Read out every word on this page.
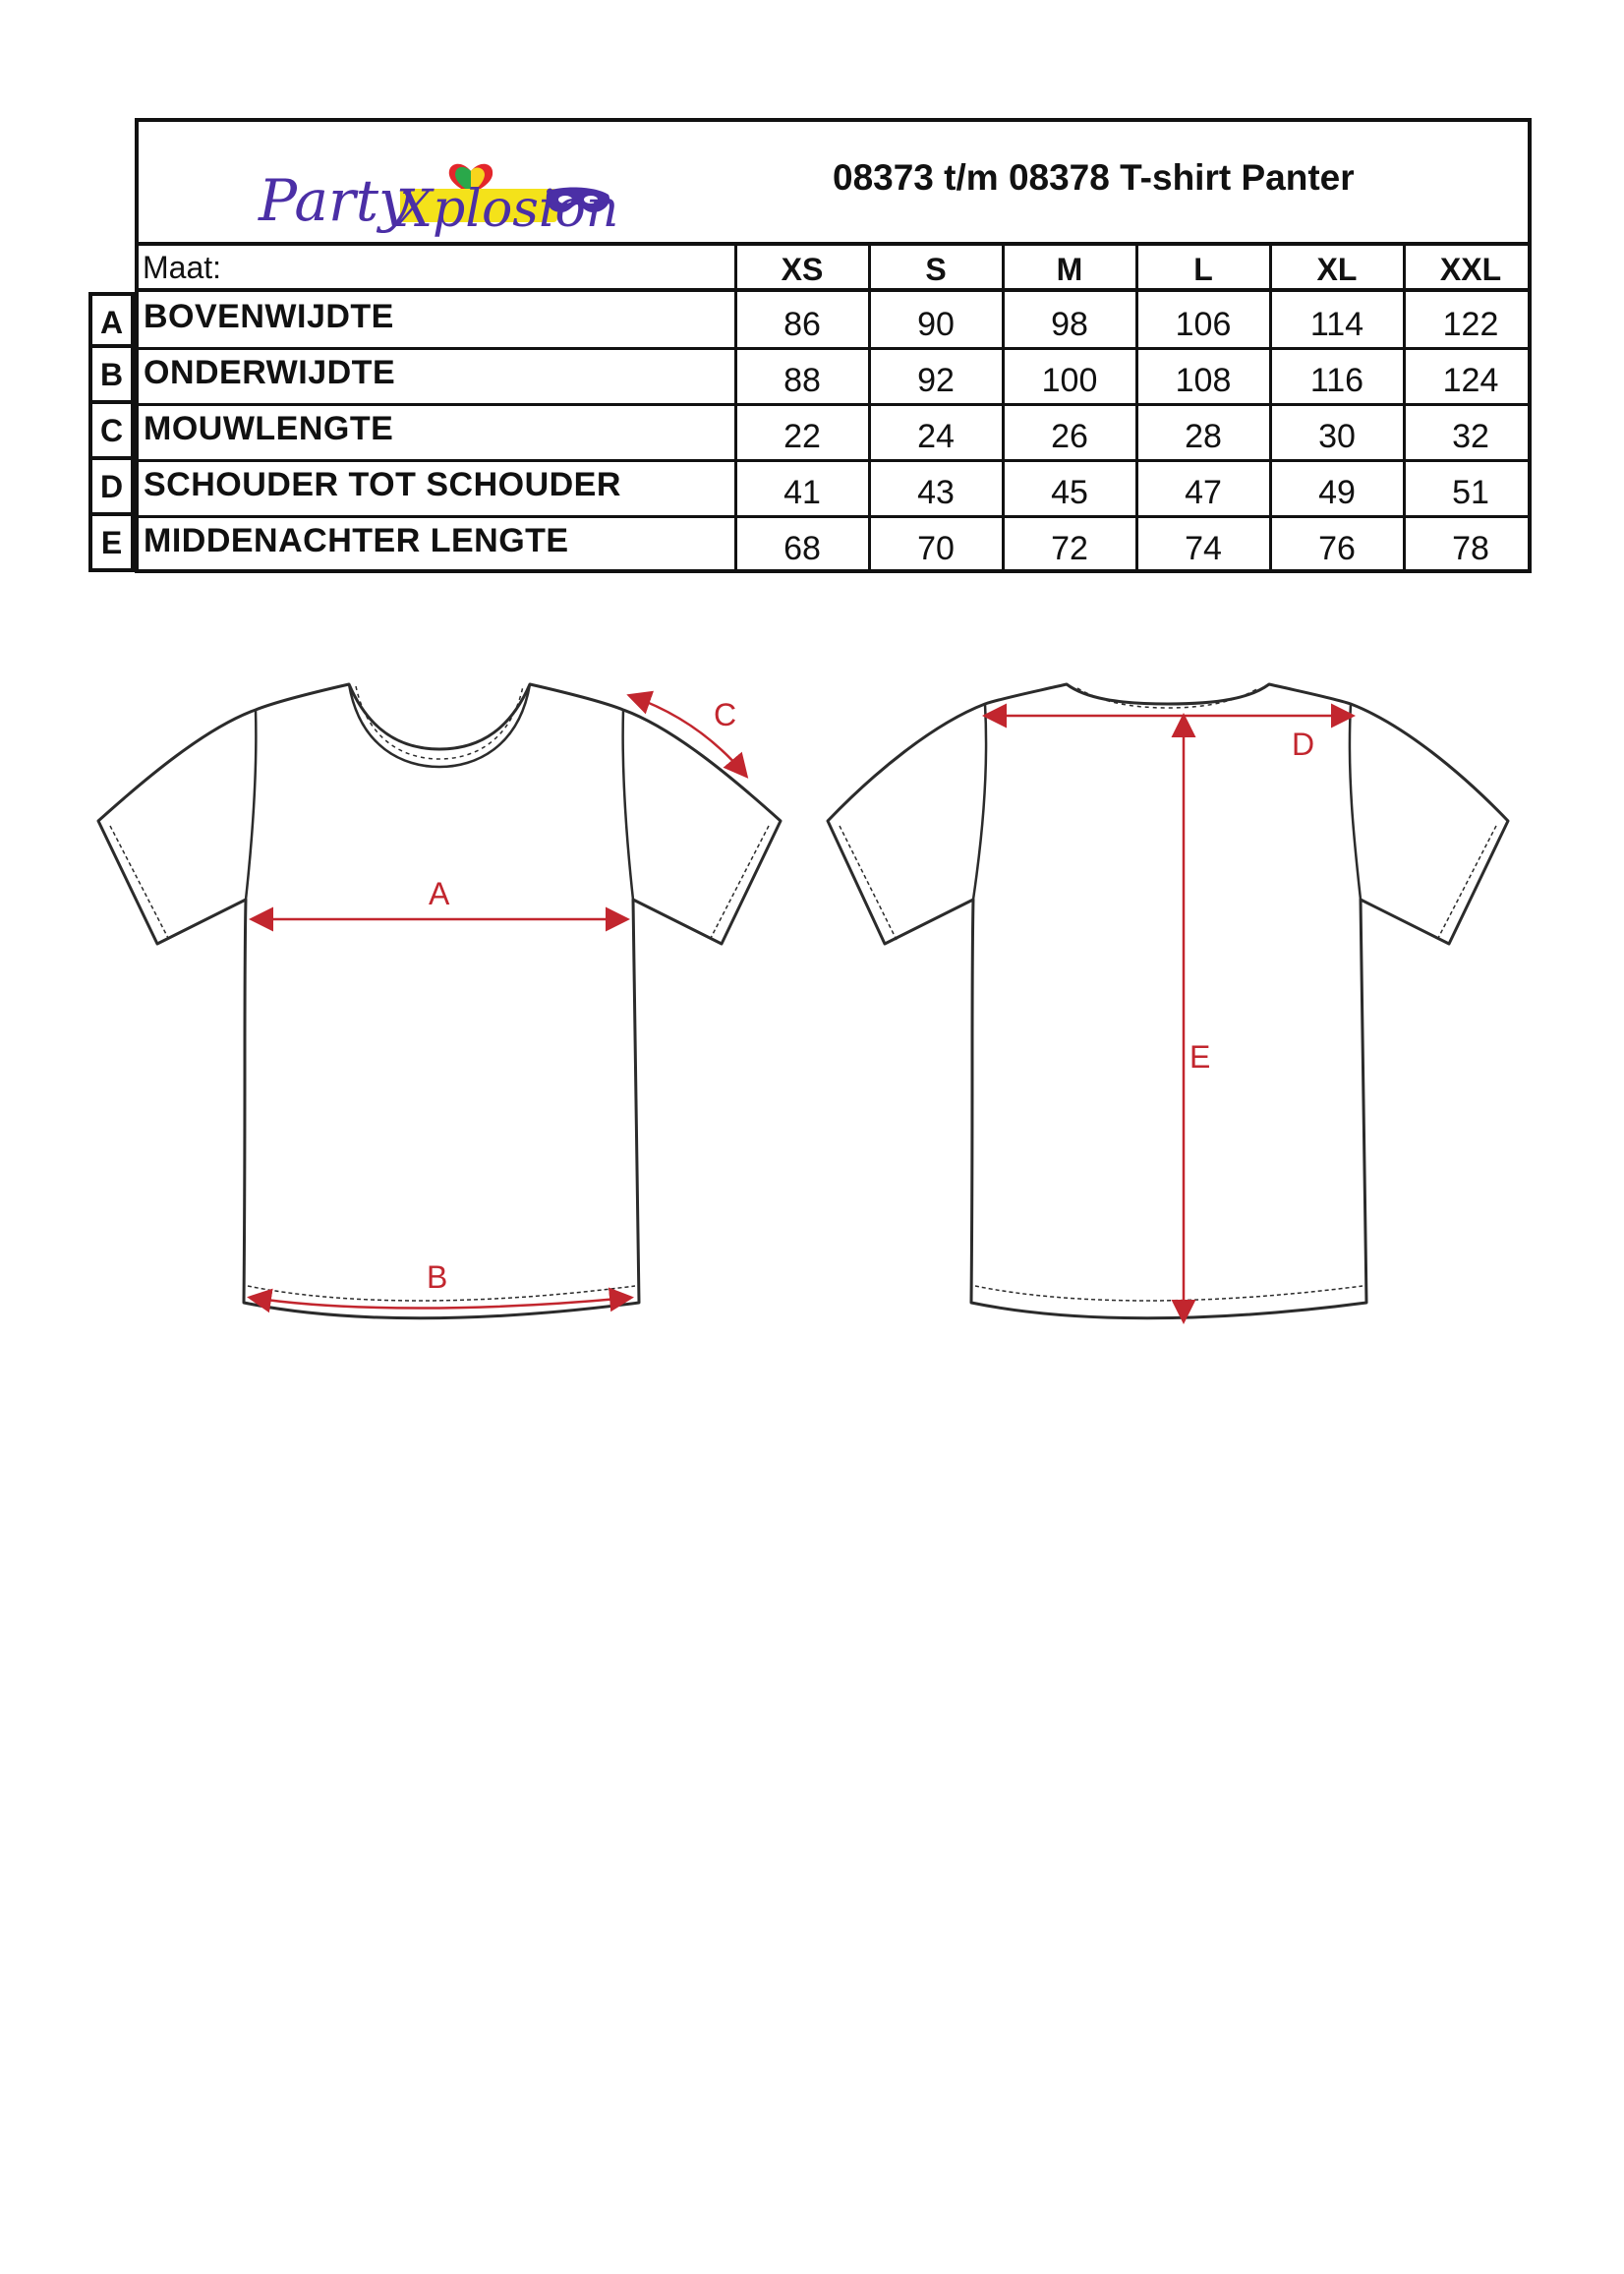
Party
Xplosion
08373 t/m 08378 T-shirt Panter
Maat:	XS	S	M	L	XL	XXL
A BOVENWIJDTE	86	90	98	106	114	122
B ONDERWIJDTE	88	92	100	108	116	124
C MOUWLENGTE	22	24	26	28	30	32
D SCHOUDER TOT SCHOUDER	41	43	45	47	49	51
E MIDDENACHTER LENGTE	68	70	72	74	76	78
A
B
C
D
E
